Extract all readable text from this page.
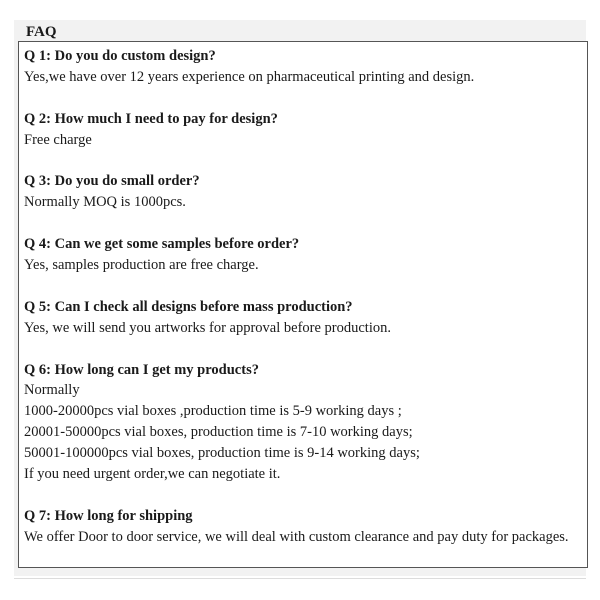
FAQ
Q 1: Do you do custom design?
Yes,we have over 12 years experience on pharmaceutical printing and design.
Q 2: How much I need to pay for design?
Free charge
Q 3: Do you do small order?
Normally MOQ is 1000pcs.
Q 4: Can we get some samples before order?
Yes, samples production are free charge.
Q 5: Can I check all designs before mass production?
Yes, we will send you artworks for approval before production.
Q 6: How long can I get my products?
Normally
1000-20000pcs vial boxes ,production time is 5-9 working days ;
20001-50000pcs vial boxes, production time is 7-10 working days;
50001-100000pcs vial boxes, production time is 9-14 working days;
If you need urgent order,we can negotiate it.
Q 7: How long for shipping
We offer Door to door service, we will deal with custom clearance and pay duty for packages.
